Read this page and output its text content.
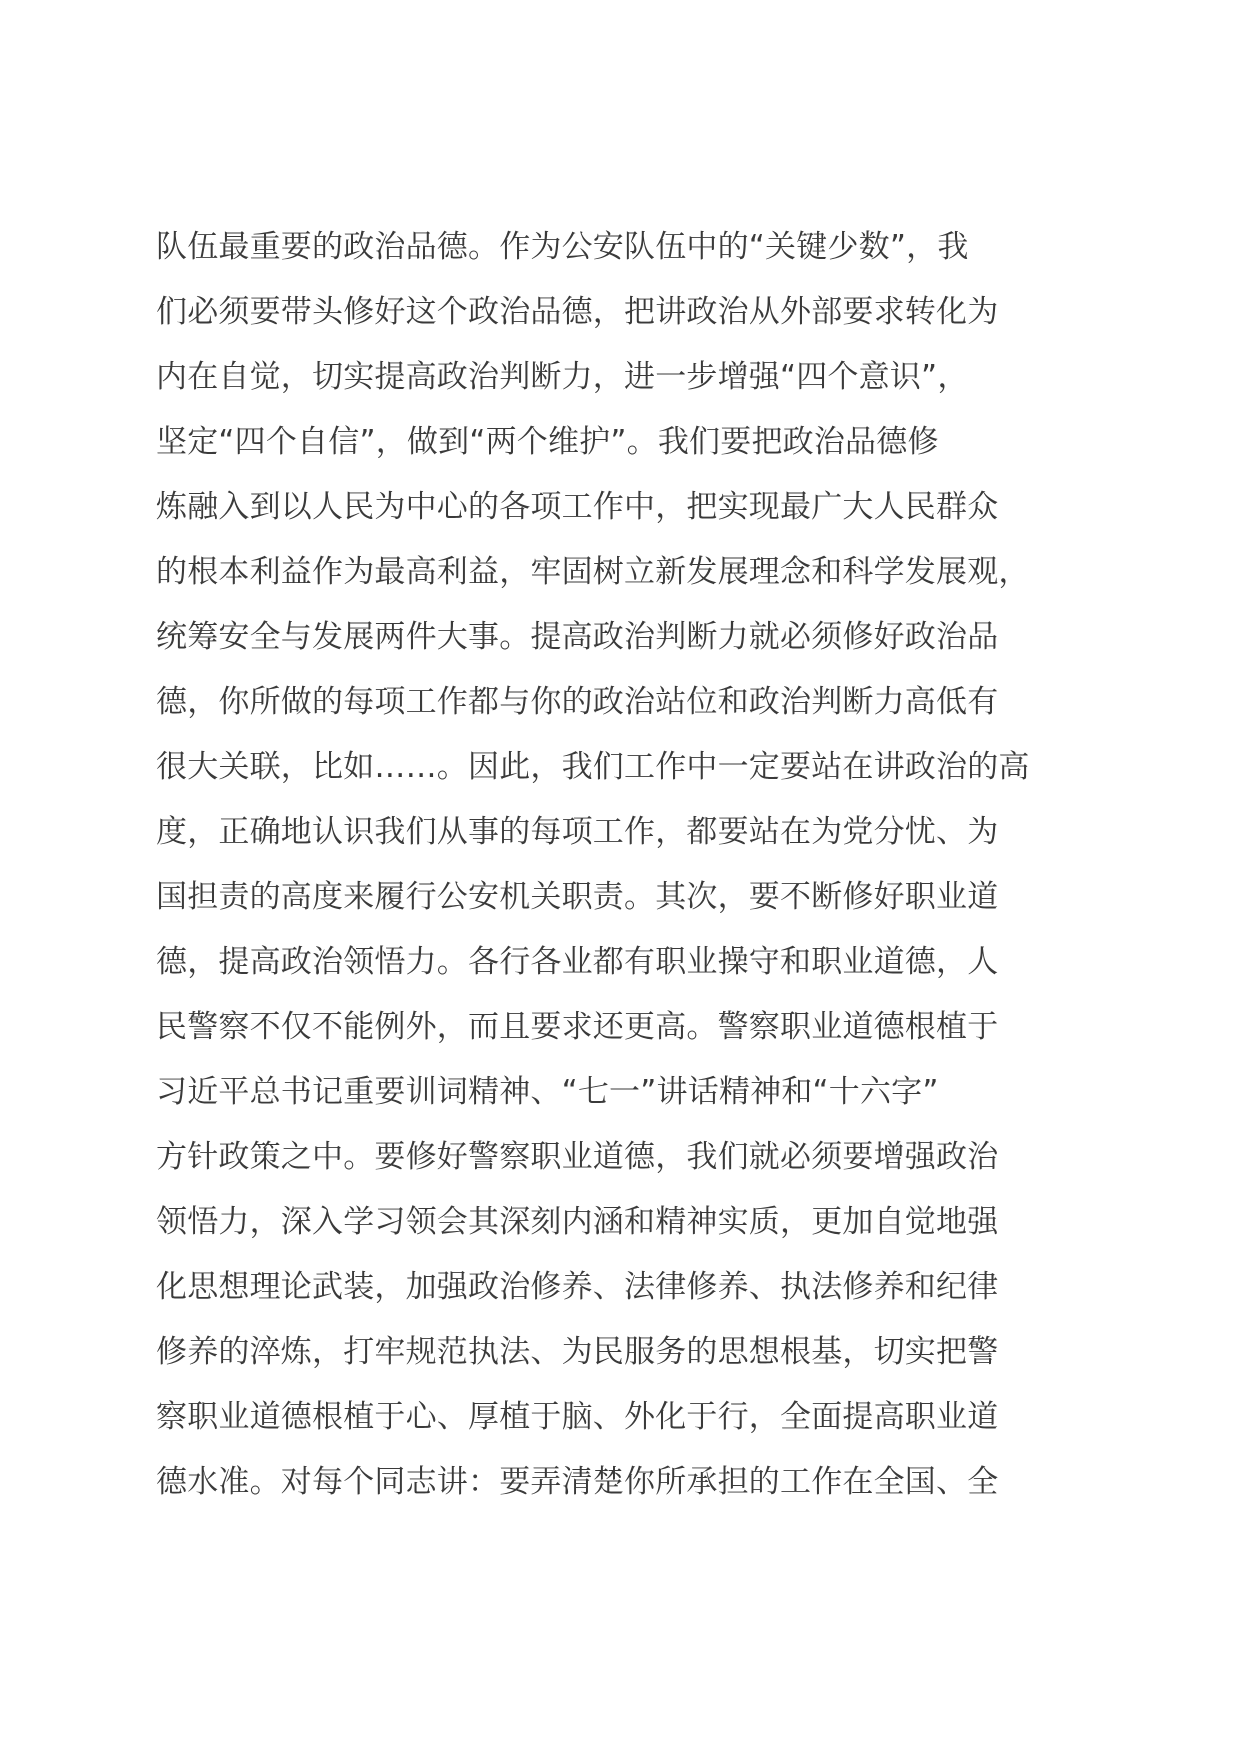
队伍最重要的政治品德。作为公安队伍中的“关键少数”，我
们必须要带头修好这个政治品德，把讲政治从外部要求转化为
内在自觉，切实提高政治判断力，进一步增强“四个意识”，
坚定“四个自信”，做到“两个维护”。我们要把政治品德修
炼融入到以人民为中心的各项工作中，把实现最广大人民群众
的根本利益作为最高利益，牢固树立新发展理念和科学发展观，
统筹安全与发展两件大事。提高政治判断力就必须修好政治品
德，你所做的每项工作都与你的政治站位和政治判断力高低有
很大关联，比如……。因此，我们工作中一定要站在讲政治的高
度，正确地认识我们从事的每项工作，都要站在为党分忧、为
国担责的高度来履行公安机关职责。其次，要不断修好职业道
德，提高政治领悟力。各行各业都有职业操守和职业道德，人
民警察不仅不能例外，而且要求还更高。警察职业道德根植于
习近平总书记重要训词精神、“七一”讲话精神和“十六字”
方针政策之中。要修好警察职业道德，我们就必须要增强政治
领悟力，深入学习领会其深刻内涵和精神实质，更加自觉地强
化思想理论武装，加强政治修养、法律修养、执法修养和纪律
修养的淬炼，打牢规范执法、为民服务的思想根基，切实把警
察职业道德根植于心、厚植于脑、外化于行，全面提高职业道
德水准。对每个同志讲：要弄清楚你所承担的工作在全国、全
